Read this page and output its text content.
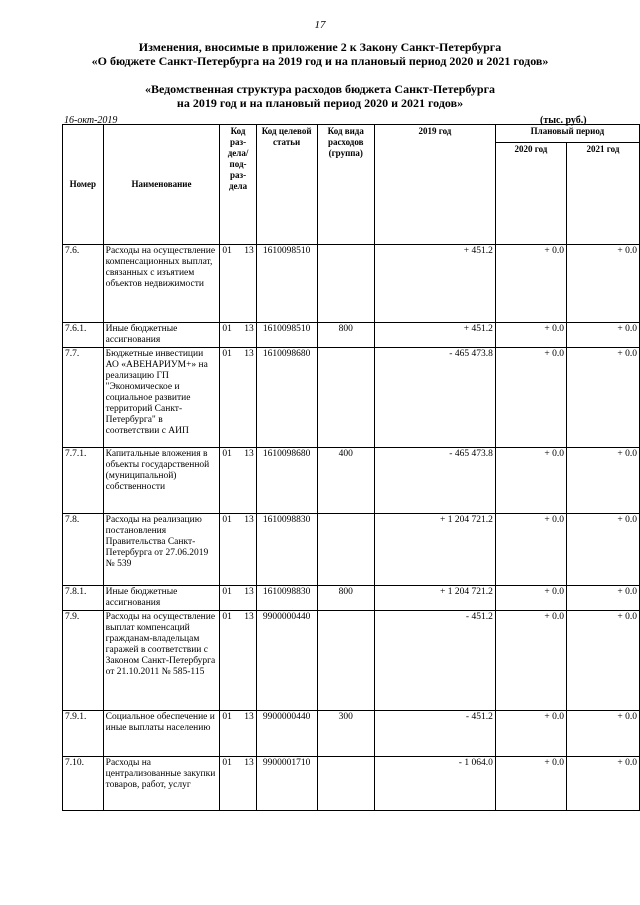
17
Изменения, вносимые в приложение 2 к Закону Санкт-Петербурга
«О бюджете Санкт-Петербурга на 2019 год и на плановый период 2020 и 2021 годов»
«Ведомственная структура расходов бюджета Санкт-Петербурга
на 2019 год и на плановый период 2020 и 2021 годов»
16-окт-2019	(тыс. руб.)
Номер	Наименование	Код раз-дела/ под-раз-дела	Код целевой статьи	Код вида расходов (группа)	2019 год	Плановый период	
						2020 год	2021 год
7.6.	Расходы на осуществление компенсационных выплат, связанных с изъятием объектов недвижимости	01 13	1610098510		+ 451.2	+ 0.0	+ 0.0
7.6.1.	Иные бюджетные ассигнования	01 13	1610098510	800	+ 451.2	+ 0.0	+ 0.0
7.7.	Бюджетные инвестиции АО «АВЕНАРИУМ+» на реализацию ГП "Экономическое и социальное развитие территорий Санкт-Петербурга" в соответствии с АИП	01 13	1610098680		- 465 473.8	+ 0.0	+ 0.0
7.7.1.	Капитальные вложения в объекты государственной (муниципальной) собственности	01 13	1610098680	400	- 465 473.8	+ 0.0	+ 0.0
7.8.	Расходы на реализацию постановления Правительства Санкт-Петербурга от 27.06.2019 № 539	01 13	1610098830		+ 1 204 721.2	+ 0.0	+ 0.0
7.8.1.	Иные бюджетные ассигнования	01 13	1610098830	800	+ 1 204 721.2	+ 0.0	+ 0.0
7.9.	Расходы на осуществление выплат компенсаций гражданам-владельцам гаражей в соответствии с Законом Санкт-Петербурга от 21.10.2011 № 585-115	01 13	9900000440		- 451.2	+ 0.0	+ 0.0
7.9.1.	Социальное обеспечение и иные выплаты населению	01 13	9900000440	300	- 451.2	+ 0.0	+ 0.0
7.10.	Расходы на централизованные закупки товаров, работ, услуг	01 13	9900001710		- 1 064.0	+ 0.0	+ 0.0
